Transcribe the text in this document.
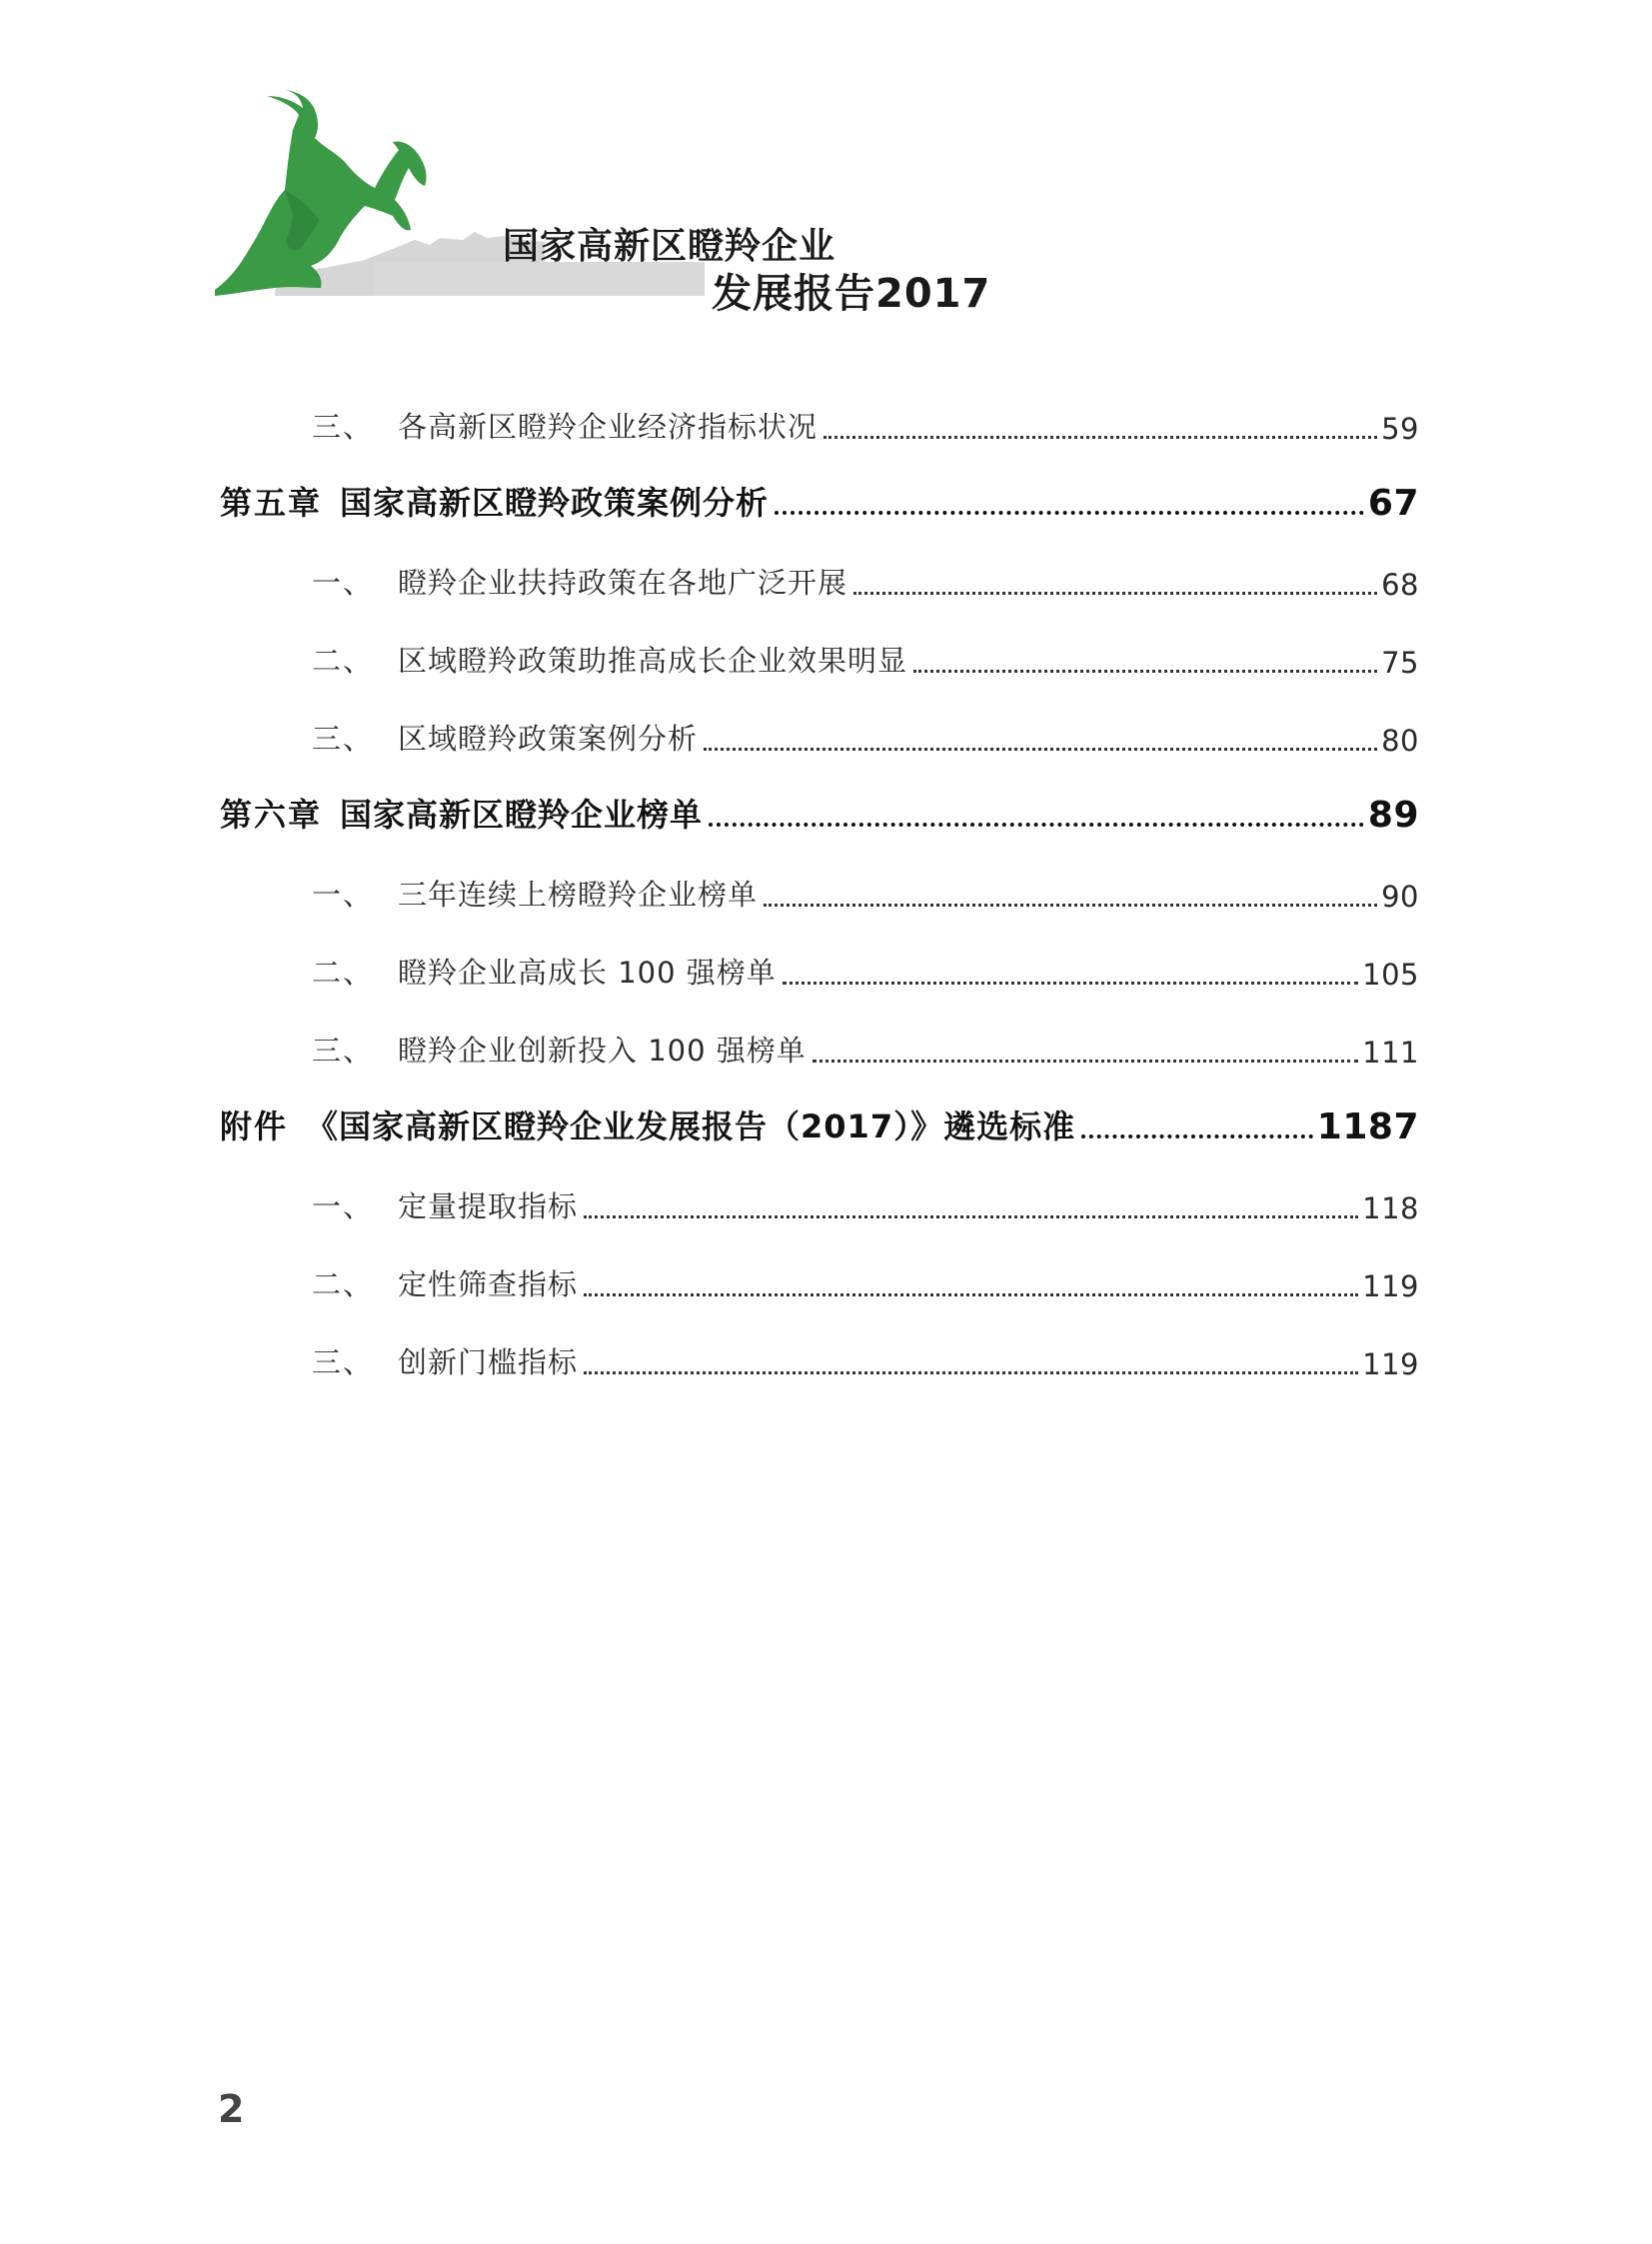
国家高新区瞪羚企业
发展报告2017
三、 各高新区瞪羚企业经济指标状况	59
第五章 国家高新区瞪羚政策案例分析	67
一、 瞪羚企业扶持政策在各地广泛开展	68
二、 区域瞪羚政策助推高成长企业效果明显	75
三、 区域瞪羚政策案例分析	80
第六章 国家高新区瞪羚企业榜单	89
一、 三年连续上榜瞪羚企业榜单	90
二、 瞪羚企业高成长 100 强榜单	105
三、 瞪羚企业创新投入 100 强榜单	111
附件 《国家高新区瞪羚企业发展报告（2017）》遴选标准	1187
一、 定量提取指标	118
二、 定性筛查指标	119
三、 创新门槛指标	119
2
